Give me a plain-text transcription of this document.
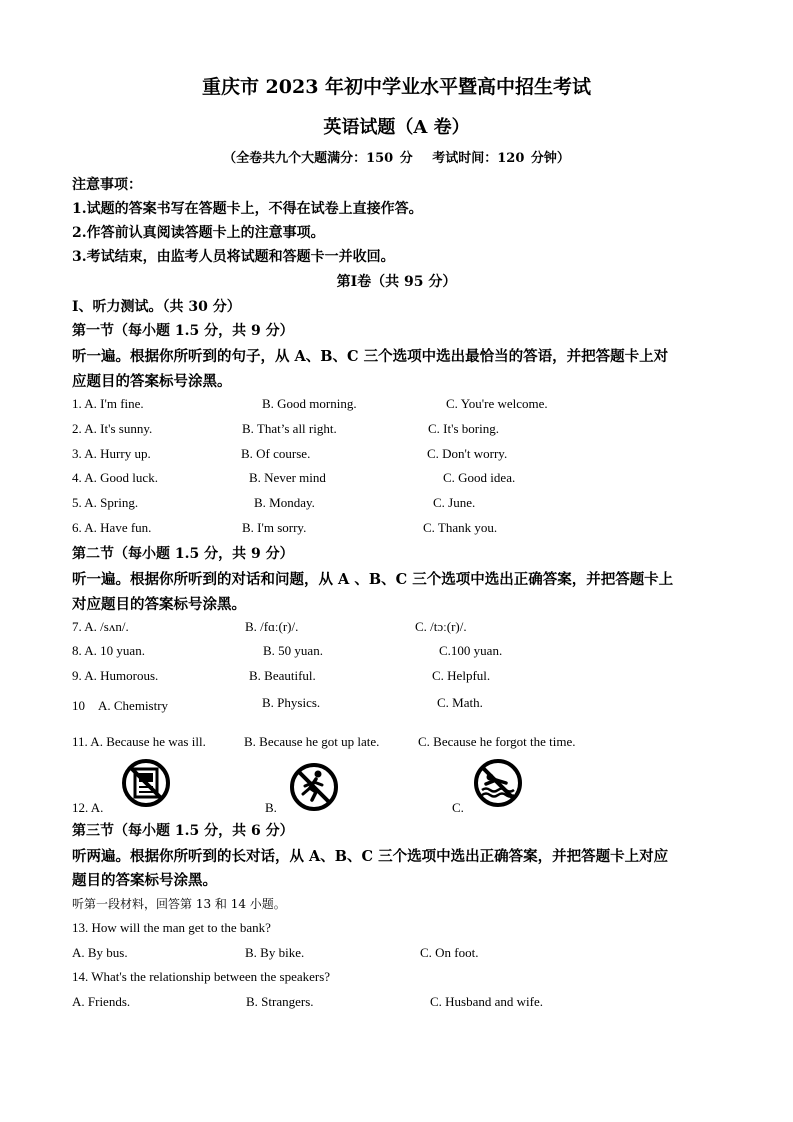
重庆市 2023 年初中学业水平暨高中招生考试
英语试题（A 卷）
（全卷共九个大题满分：150 分　 考试时间：120 分钟）
注意事项：
1.试题的答案书写在答题卡上，不得在试卷上直接作答。
2.作答前认真阅读答题卡上的注意事项。
3.考试结束，由监考人员将试题和答题卡一并收回。
第Ⅰ卷（共 95 分）
Ⅰ、听力测试。（共 30 分）
第一节（每小题 1.5 分，共 9 分）
听一遍。根据你所听到的句子，从 A、B、C 三个选项中选出最恰当的答语，并把答题卡上对
应题目的答案标号涂黑。
1. A. I'm fine.	B. Good morning.	C. You're welcome.
2. A. It's sunny.	B. That’s all right.	C. It's boring.
3. A. Hurry up.	B. Of course.	C. Don't worry.
4. A. Good luck.	B. Never mind	C. Good idea.
5. A. Spring.	B. Monday.	C. June.
6. A. Have fun.	B. I'm sorry.	C. Thank you.
第二节（每小题 1.5 分，共 9 分）
听一遍。根据你所听到的对话和问题，从 A 、B、C 三个选项中选出正确答案，并把答题卡上
对应题目的答案标号涂黑。
7. A. /sʌn/.	B. /fɑː(r)/.	C. /tɔː(r)/.
8. A. 10 yuan.	B. 50 yuan.	C.100 yuan.
9. A. Humorous.	B. Beautiful.	C. Helpful.
10　A. Chemistry	B. Physics.	C. Math.
11. A. Because he was ill.	B. Because he got up late.	C. Because he forgot the time.
12. A.	B.	C.
第三节（每小题 1.5 分，共 6 分）
听两遍。根据你所听到的长对话，从 A、B、C 三个选项中选出正确答案，并把答题卡上对应
题目的答案标号涂黑。
听第一段材料，回答第 13 和 14 小题。
13. How will the man get to the bank?
A. By bus.	B. By bike.	C. On foot.
14. What's the relationship between the speakers?
A. Friends.	B. Strangers.	C. Husband and wife.
